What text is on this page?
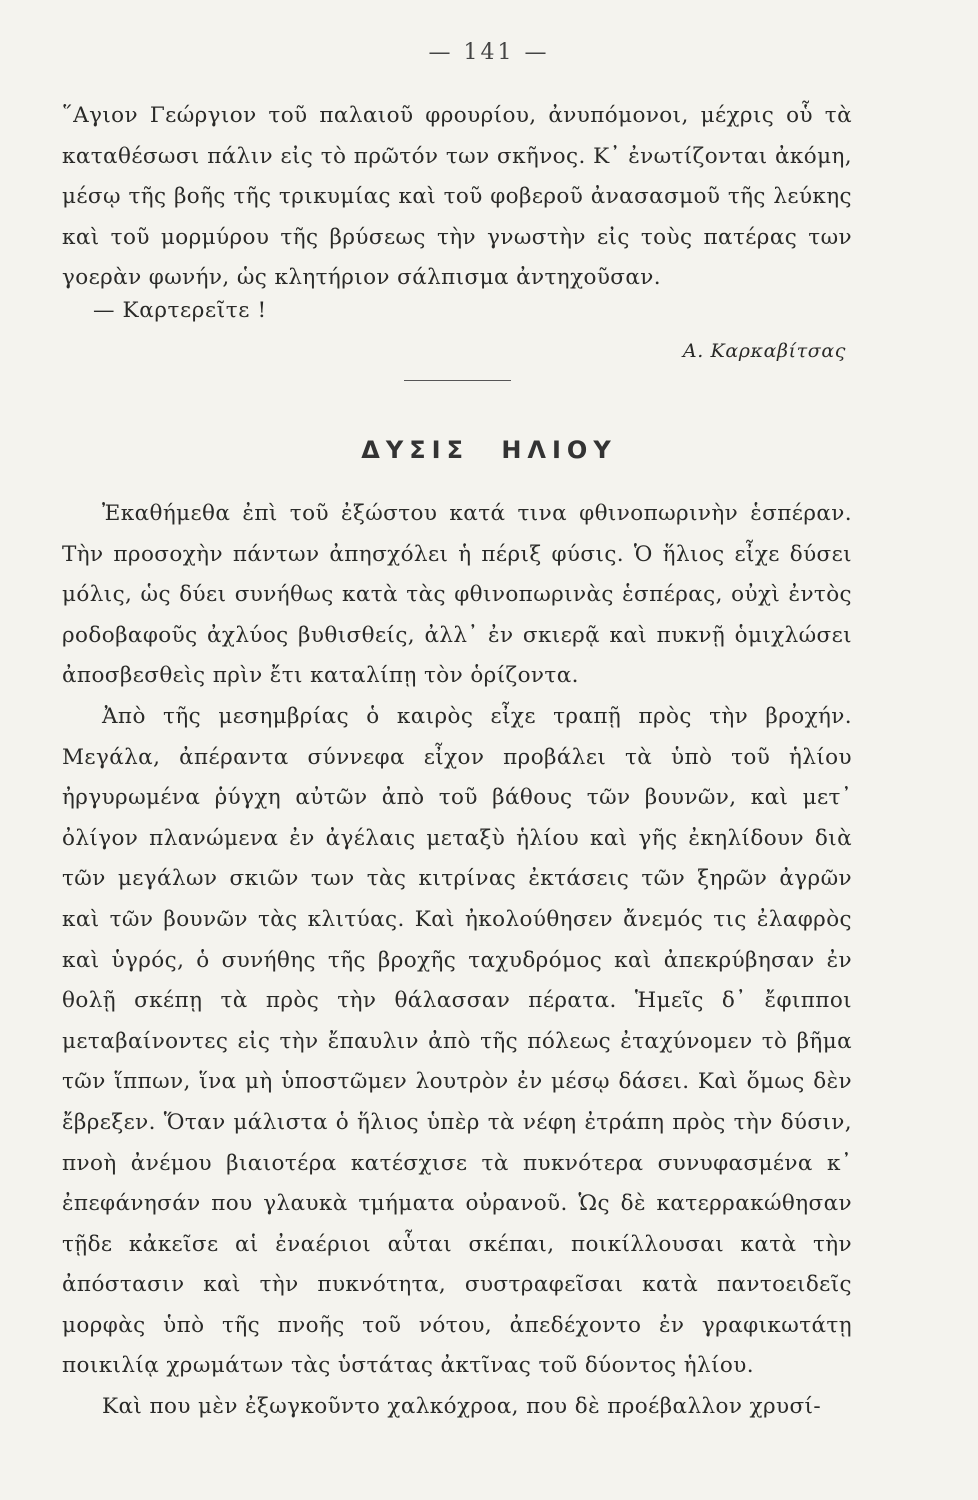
— 141 —

῞Αγιον Γεώργιον τοῦ παλαιοῦ φρουρίου, ἀνυπόμονοι, μέχρις οὗ τὰ καταθέσωσι πάλιν εἰς τὸ πρῶτόν των σκῆνος. Κ᾽ ἐνωτίζονται ἀκόμη, μέσῳ τῆς βοῆς τῆς τρικυμίας καὶ τοῦ φοβεροῦ ἀνασασμοῦ τῆς λεύκης καὶ τοῦ μορμύρου τῆς βρύσεως τὴν γνωστὴν εἰς τοὺς πατέρας των γοερὰν φωνήν, ὡς κλητήριον σάλπισμα ἀντηχοῦσαν.

— Καρτερεῖτε !
Α. Καρκαβίτσας
ΔΥΣΙΣ ΗΛΙΟΥ

Ἐκαθήμεθα ἐπὶ τοῦ ἐξώστου κατά τινα φθινοπωρινὴν ἑσπέραν. Τὴν προσοχὴν πάντων ἀπησχόλει ἡ πέριξ φύσις. Ὁ ἥλιος εἶχε δύσει μόλις, ὡς δύει συνήθως κατὰ τὰς φθινοπωρινὰς ἑσπέρας, οὐχὶ ἐντὸς ροδοβαφοῦς ἀχλύος βυθισθείς, ἀλλ᾽ ἐν σκιερᾷ καὶ πυκνῇ ὁμιχλώσει ἀποσβεσθεὶς πρὶν ἔτι καταλίπῃ τὸν ὁρίζοντα.

Ἀπὸ τῆς μεσημβρίας ὁ καιρὸς εἶχε τραπῇ πρὸς τὴν βροχήν. Μεγάλα, ἀπέραντα σύννεφα εἶχον προβάλει τὰ ὑπὸ τοῦ ἡλίου ἠργυρωμένα ῥύγχη αὐτῶν ἀπὸ τοῦ βάθους τῶν βουνῶν, καὶ μετ᾽ ὀλίγον πλανώμενα ἐν ἀγέλαις μεταξὺ ἡλίου καὶ γῆς ἐκηλίδουν διὰ τῶν μεγάλων σκιῶν των τὰς κιτρίνας ἐκτάσεις τῶν ξηρῶν ἀγρῶν καὶ τῶν βουνῶν τὰς κλιτύας. Καὶ ἠκολούθησεν ἄνεμός τις ἐλαφρὸς καὶ ὑγρός, ὁ συνήθης τῆς βροχῆς ταχυδρόμος καὶ ἀπεκρύβησαν ἐν θολῇ σκέπῃ τὰ πρὸς τὴν θάλασσαν πέρατα. Ἡμεῖς δ᾽ ἔφιπποι μεταβαίνοντες εἰς τὴν ἔπαυλιν ἀπὸ τῆς πόλεως ἐταχύνομεν τὸ βῆμα τῶν ἵππων, ἵνα μὴ ὑποστῶμεν λουτρὸν ἐν μέσῳ δάσει. Καὶ ὅμως δὲν ἔβρεξεν. Ὅταν μάλιστα ὁ ἥλιος ὑπὲρ τὰ νέφη ἐτράπη πρὸς τὴν δύσιν, πνοὴ ἀνέμου βιαιοτέρα κατέσχισε τὰ πυκνότερα συνυφασμένα κ᾽ ἐπεφάνησάν που γλαυκὰ τμήματα οὐρανοῦ. Ὡς δὲ κατερρακώθησαν τῇδε κἀκεῖσε αἱ ἐναέριοι αὗται σκέπαι, ποικίλλουσαι κατὰ τὴν ἀπόστασιν καὶ τὴν πυκνότητα, συστραφεῖσαι κατὰ παντοειδεῖς μορφὰς ὑπὸ τῆς πνοῆς τοῦ νότου, ἀπεδέχοντο ἐν γραφικωτάτῃ ποικιλίᾳ χρωμάτων τὰς ὑστάτας ἀκτῖνας τοῦ δύοντος ἡλίου.

Καὶ που μὲν ἐξωγκοῦντο χαλκόχροα, που δὲ προέβαλλον χρυσί-
